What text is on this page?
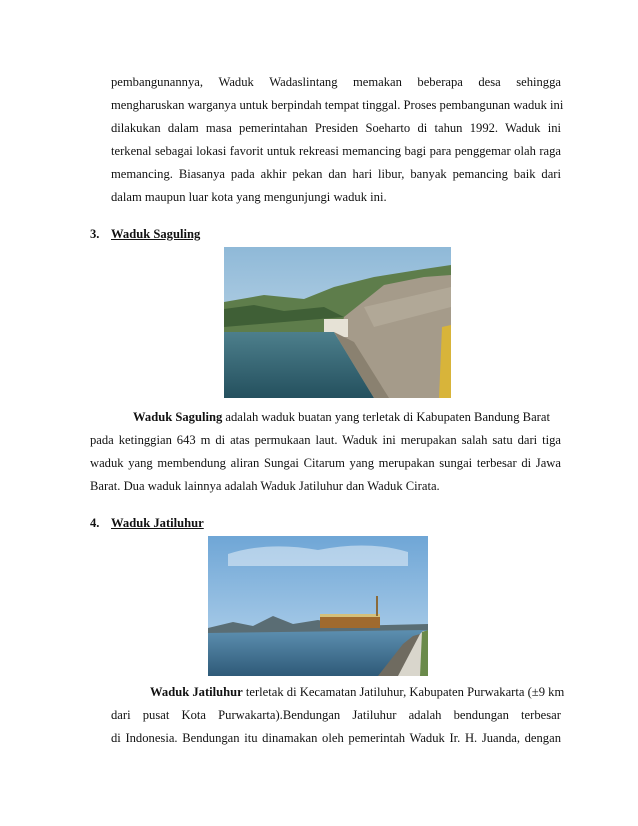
pembangunannya, Waduk Wadaslintang memakan beberapa desa sehingga
mengharuskan warganya untuk berpindah tempat tinggal. Proses pembangunan waduk ini
dilakukan dalam masa pemerintahan Presiden Soeharto di tahun 1992. Waduk ini
terkenal sebagai lokasi favorit untuk rekreasi memancing bagi para penggemar olah raga
memancing. Biasanya pada akhir pekan dan hari libur, banyak pemancing baik dari
dalam maupun luar kota yang mengunjungi waduk ini.
3. Waduk Saguling
Waduk Saguling adalah waduk buatan yang terletak di Kabupaten Bandung Barat
pada ketinggian 643 m di atas permukaan laut. Waduk ini merupakan salah satu dari tiga
waduk yang membendung aliran Sungai Citarum yang merupakan sungai terbesar di Jawa
Barat. Dua waduk lainnya adalah Waduk Jatiluhur dan Waduk Cirata.
4. Waduk Jatiluhur
Waduk Jatiluhur terletak di Kecamatan Jatiluhur, Kabupaten Purwakarta (±9 km
dari pusat Kota Purwakarta).Bendungan Jatiluhur adalah bendungan terbesar
di Indonesia. Bendungan itu dinamakan oleh pemerintah Waduk Ir. H. Juanda, dengan
